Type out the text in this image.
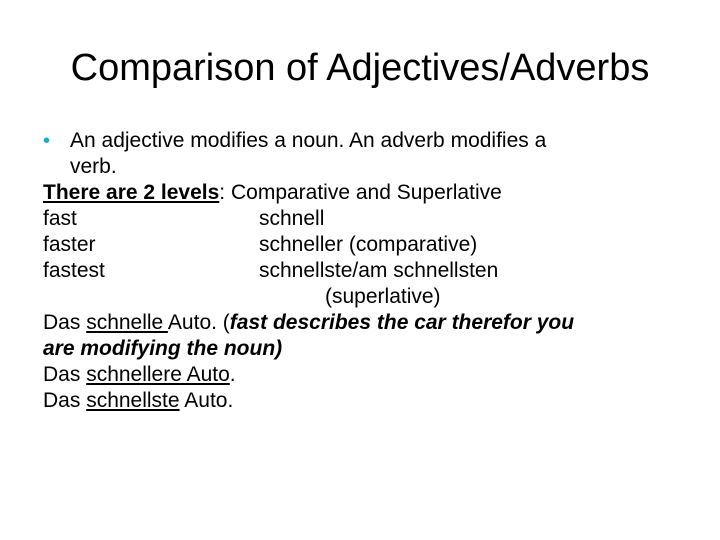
Comparison of Adjectives/Adverbs
• An adjective modifies a noun. An adverb modifies a
verb.
There are 2 levels: Comparative and Superlative
fast	schnell
faster	schneller (comparative)
fastest	schnellste/am schnellsten
(superlative)
Das schnelle Auto. (fast describes the car therefor you
are modifying the noun)
Das schnellere Auto.
Das schnellste Auto.
